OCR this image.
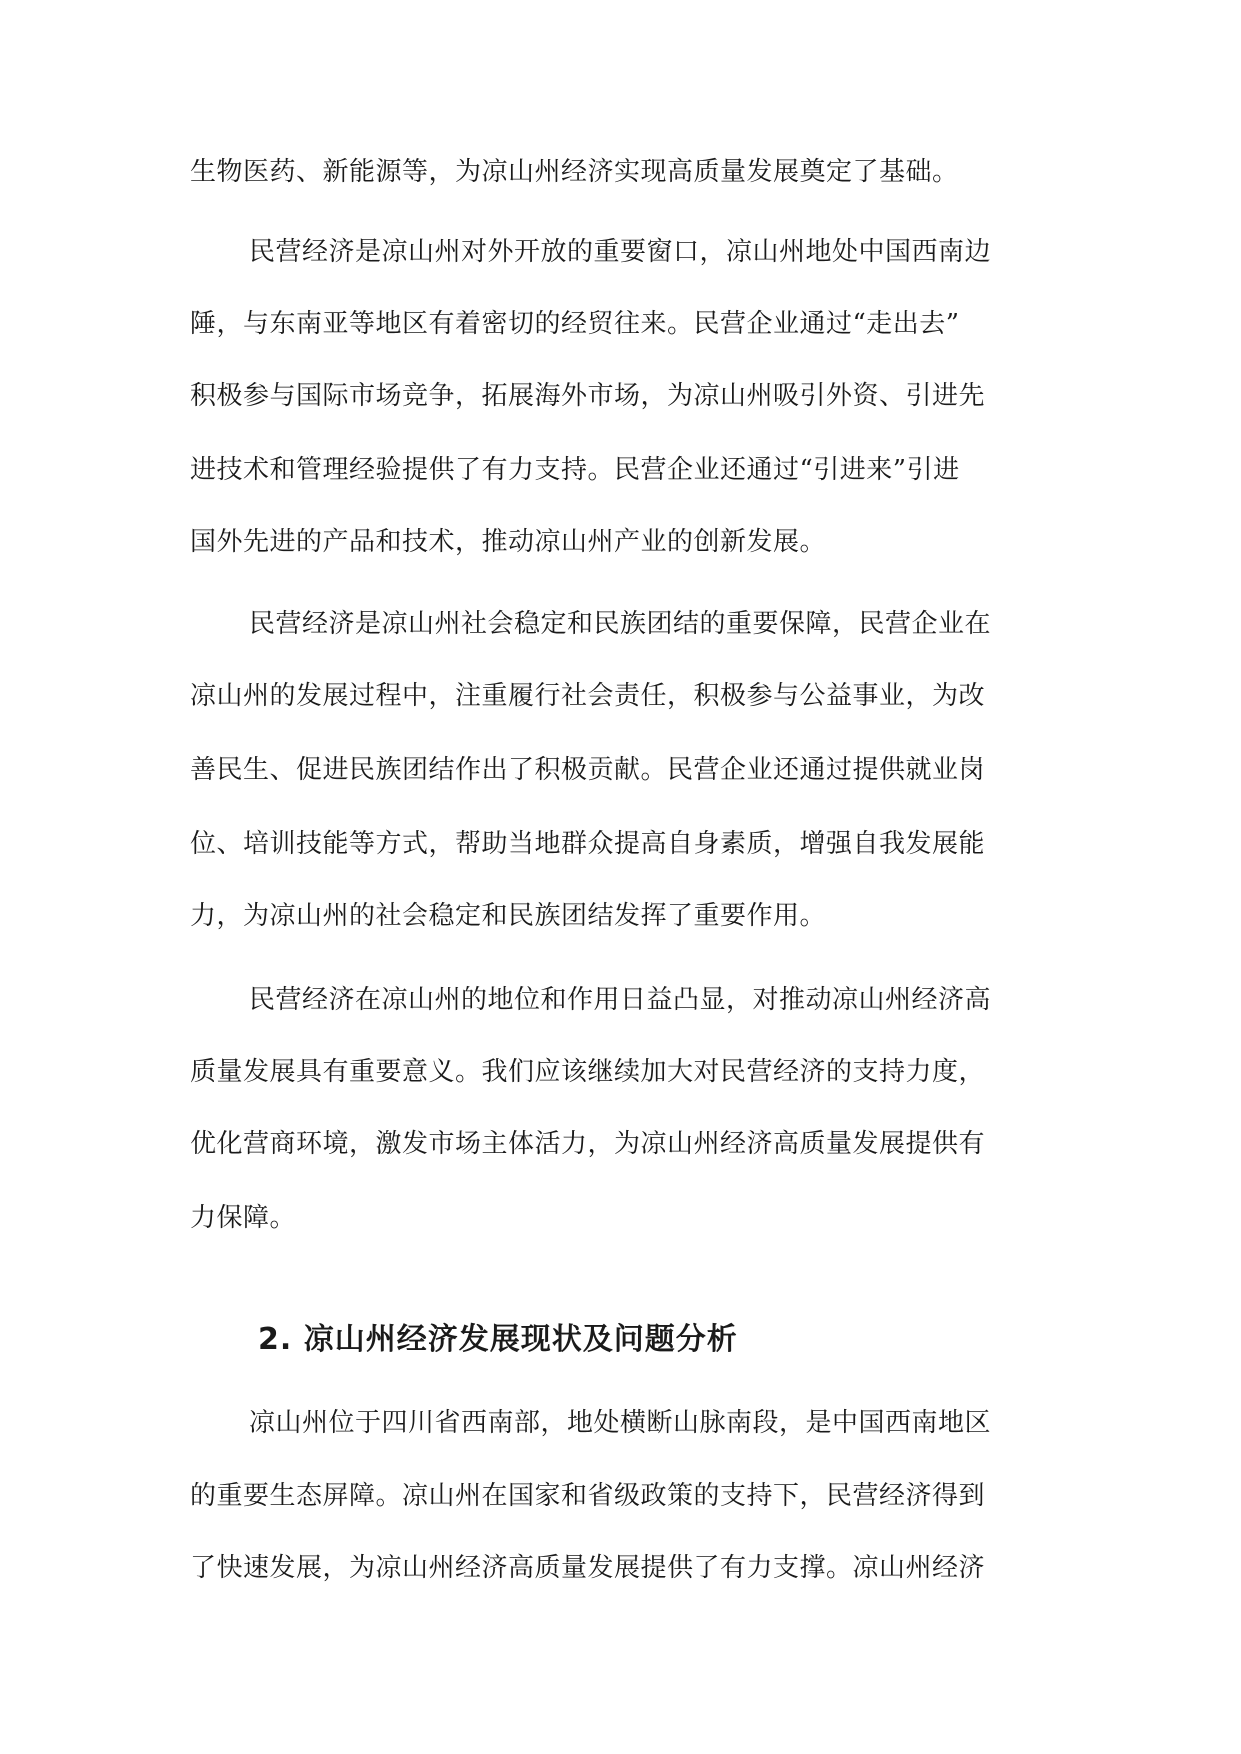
生物医药、新能源等，为凉山州经济实现高质量发展奠定了基础。
民营经济是凉山州对外开放的重要窗口，凉山州地处中国西南边
陲，与东南亚等地区有着密切的经贸往来。民营企业通过“走出去”
积极参与国际市场竞争，拓展海外市场，为凉山州吸引外资、引进先
进技术和管理经验提供了有力支持。民营企业还通过“引进来”引进
国外先进的产品和技术，推动凉山州产业的创新发展。
民营经济是凉山州社会稳定和民族团结的重要保障，民营企业在
凉山州的发展过程中，注重履行社会责任，积极参与公益事业，为改
善民生、促进民族团结作出了积极贡献。民营企业还通过提供就业岗
位、培训技能等方式，帮助当地群众提高自身素质，增强自我发展能
力，为凉山州的社会稳定和民族团结发挥了重要作用。
民营经济在凉山州的地位和作用日益凸显，对推动凉山州经济高
质量发展具有重要意义。我们应该继续加大对民营经济的支持力度，
优化营商环境，激发市场主体活力，为凉山州经济高质量发展提供有
力保障。
2. 凉山州经济发展现状及问题分析
凉山州位于四川省西南部，地处横断山脉南段，是中国西南地区
的重要生态屏障。凉山州在国家和省级政策的支持下，民营经济得到
了快速发展，为凉山州经济高质量发展提供了有力支撑。凉山州经济
